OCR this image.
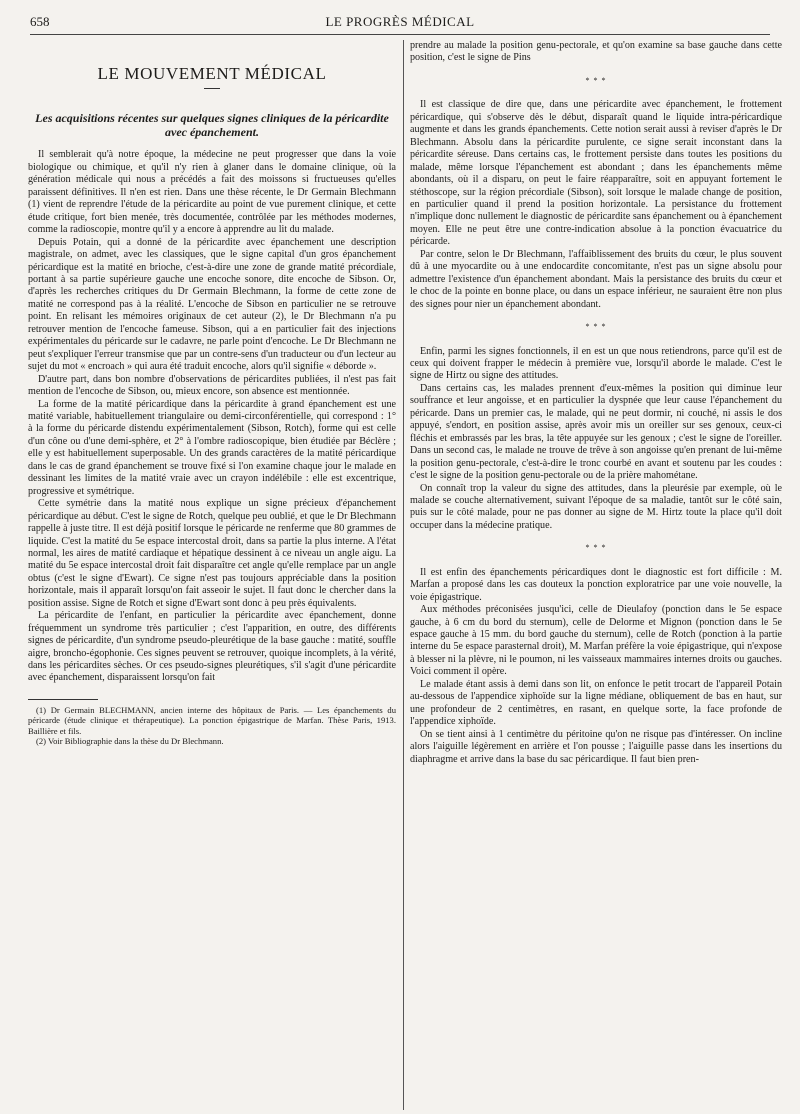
658	LE PROGRÈS MÉDICAL
LE MOUVEMENT MÉDICAL
Les acquisitions récentes sur quelques signes cliniques de la péricardite avec épanchement.

Il semblerait qu'à notre époque, la médecine ne peut progresser que dans la voie biologique ou chimique, et qu'il n'y rien à glaner dans le domaine clinique, où la génération médicale qui nous a précédés a fait des moissons si fructueuses qu'elles paraissent définitives. Il n'en est rien. Dans une thèse récente, le Dr Germain Blechmann (1) vient de reprendre l'étude de la péricardite au point de vue purement clinique, et cette étude critique, fort bien menée, très documentée, contrôlée par les méthodes modernes, comme la radioscopie, montre qu'il y a encore à apprendre au lit du malade.

Depuis Potain, qui a donné de la péricardite avec épanchement une description magistrale, on admet, avec les classiques, que le signe capital d'un gros épanchement péricardique est la matité en brioche, c'est-à-dire une zone de grande matité précordiale, portant à sa partie supérieure gauche une encoche sonore, dite encoche de Sibson. Or, d'après les recherches critiques du Dr Germain Blechmann, la forme de cette zone de matité ne correspond pas à la réalité. L'encoche de Sibson en particulier ne se retrouve point. En relisant les mémoires originaux de cet auteur (2), le Dr Blechmann n'a pu retrouver mention de l'encoche fameuse. Sibson, qui a en particulier fait des injections expérimentales du péricarde sur le cadavre, ne parle point d'encoche. Le Dr Blechmann ne peut s'expliquer l'erreur transmise que par un contre-sens d'un traducteur ou d'un lecteur au sujet du mot « encroach » qui aura été traduit encoche, alors qu'il signifie « déborde ».

D'autre part, dans bon nombre d'observations de péricardites publiées, il n'est pas fait mention de l'encoche de Sibson, ou, mieux encore, son absence est mentionnée.

La forme de la matité péricardique dans la péricardite à grand épanchement est une matité variable, habituellement triangulaire ou demi-circonférentielle, qui correspond : 1° à la forme du péricarde distendu expérimentalement (Sibson, Rotch), forme qui est celle d'un cône ou d'une demi-sphère, et 2° à l'ombre radioscopique, bien étudiée par Béclère ; elle y est habituellement superposable. Un des grands caractères de la matité péricardique dans le cas de grand épanchement se trouve fixé si l'on examine chaque jour le malade en dessinant les limites de la matité vraie avec un crayon indélébile : elle est excentrique, progressive et symétrique.

Cette symétrie dans la matité nous explique un signe précieux d'épanchement péricardique au début. C'est le signe de Rotch, quelque peu oublié, et que le Dr Blechmann rappelle à juste titre. Il est déjà positif lorsque le péricarde ne renferme que 80 grammes de liquide. C'est la matité du 5e espace intercostal droit, dans sa partie la plus interne. A l'état normal, les aires de matité cardiaque et hépatique dessinent à ce niveau un angle aigu. La matité du 5e espace intercostal droit fait disparaître cet angle qu'elle remplace par un angle obtus (c'est le signe d'Ewart). Ce signe n'est pas toujours appréciable dans la position horizontale, mais il apparaît lorsqu'on fait asseoir le sujet. Il faut donc le chercher dans la position assise. Signe de Rotch et signe d'Ewart sont donc à peu près équivalents.

La péricardite de l'enfant, en particulier la péricardite avec épanchement, donne fréquemment un syndrome très particulier ; c'est l'apparition, en outre, des différents signes de péricardite, d'un syndrome pseudo-pleurétique de la base gauche : matité, souffle aigre, broncho-égophonie. Ces signes peuvent se retrouver, quoique incomplets, à la vérité, dans les péricardites sèches. Or ces pseudo-signes pleurétiques, s'il s'agit d'une péricardite avec épanchement, disparaissent lorsqu'on fait

(1) Dr Germain BLECHMANN, ancien interne des hôpitaux de Paris. — Les épanchements du péricarde (étude clinique et thérapeutique). La ponction épigastrique de Marfan. Thèse Paris, 1913. Baillière et fils.

(2) Voir Bibliographie dans la thèse du Dr Blechmann.

prendre au malade la position genu-pectorale, et qu'on examine sa base gauche dans cette position, c'est le signe de Pins

* * *

Il est classique de dire que, dans une péricardite avec épanchement, le frottement péricardique, qui s'observe dès le début, disparaît quand le liquide intra-péricardique augmente et dans les grands épanchements. Cette notion serait aussi à reviser d'après le Dr Blechmann. Absolu dans la péricardite purulente, ce signe serait inconstant dans la péricardite séreuse. Dans certains cas, le frottement persiste dans toutes les positions du malade, même lorsque l'épanchement est abondant ; dans les épanchements même abondants, où il a disparu, on peut le faire réapparaître, soit en appuyant fortement le stéthoscope, sur la région précordiale (Sibson), soit lorsque le malade change de position, en particulier quand il prend la position horizontale. La persistance du frottement n'implique donc nullement le diagnostic de péricardite sans épanchement ou à épanchement moyen. Elle ne peut être une contre-indication absolue à la ponction évacuatrice du péricarde.

Par contre, selon le Dr Blechmann, l'affaiblissement des bruits du cœur, le plus souvent dû à une myocardite ou à une endocardite concomitante, n'est pas un signe absolu pour admettre l'existence d'un épanchement abondant. Mais la persistance des bruits du cœur et le choc de la pointe en bonne place, ou dans un espace inférieur, ne sauraient être non plus des signes pour nier un épanchement abondant.

* * *

Enfin, parmi les signes fonctionnels, il en est un que nous retiendrons, parce qu'il est de ceux qui doivent frapper le médecin à première vue, lorsqu'il aborde le malade. C'est le signe de Hirtz ou signe des attitudes.

Dans certains cas, les malades prennent d'eux-mêmes la position qui diminue leur souffrance et leur angoisse, et en particulier la dyspnée que leur cause l'épanchement du péricarde. Dans un premier cas, le malade, qui ne peut dormir, ni couché, ni assis le dos appuyé, s'endort, en position assise, après avoir mis un oreiller sur ses genoux, ceux-ci fléchis et embrassés par les bras, la tête appuyée sur les genoux ; c'est le signe de l'oreiller. Dans un second cas, le malade ne trouve de trêve à son angoisse qu'en prenant de lui-même la position genu-pectorale, c'est-à-dire le tronc courbé en avant et soutenu par les coudes : c'est le signe de la position genu-pectorale ou de la prière mahométane.

On connaît trop la valeur du signe des attitudes, dans la pleurésie par exemple, où le malade se couche alternativement, suivant l'époque de sa maladie, tantôt sur le côté sain, puis sur le côté malade, pour ne pas donner au signe de M. Hirtz toute la place qu'il doit occuper dans la médecine pratique.

* * *

Il est enfin des épanchements péricardiques dont le diagnostic est fort difficile : M. Marfan a proposé dans les cas douteux la ponction exploratrice par une voie nouvelle, la voie épigastrique.

Aux méthodes préconisées jusqu'ici, celle de Dieulafoy (ponction dans le 5e espace gauche, à 6 cm du bord du sternum), celle de Delorme et Mignon (ponction dans le 5e espace gauche à 15 mm. du bord gauche du sternum), celle de Rotch (ponction à la partie interne du 5e espace parasternal droit), M. Marfan préfère la voie épigastrique, qui n'expose à blesser ni la plèvre, ni le poumon, ni les vaisseaux mammaires internes droits ou gauches. Voici comment il opère.

Le malade étant assis à demi dans son lit, on enfonce le petit trocart de l'appareil Potain au-dessous de l'appendice xiphoïde sur la ligne médiane, obliquement de bas en haut, sur une profondeur de 2 centimètres, en rasant, en quelque sorte, la face profonde de l'appendice xiphoïde.

On se tient ainsi à 1 centimètre du péritoine qu'on ne risque pas d'intéresser. On incline alors l'aiguille légèrement en arrière et l'on pousse ; l'aiguille passe dans les insertions du diaphragme et arrive dans la base du sac péricardique. Il faut bien pren-
